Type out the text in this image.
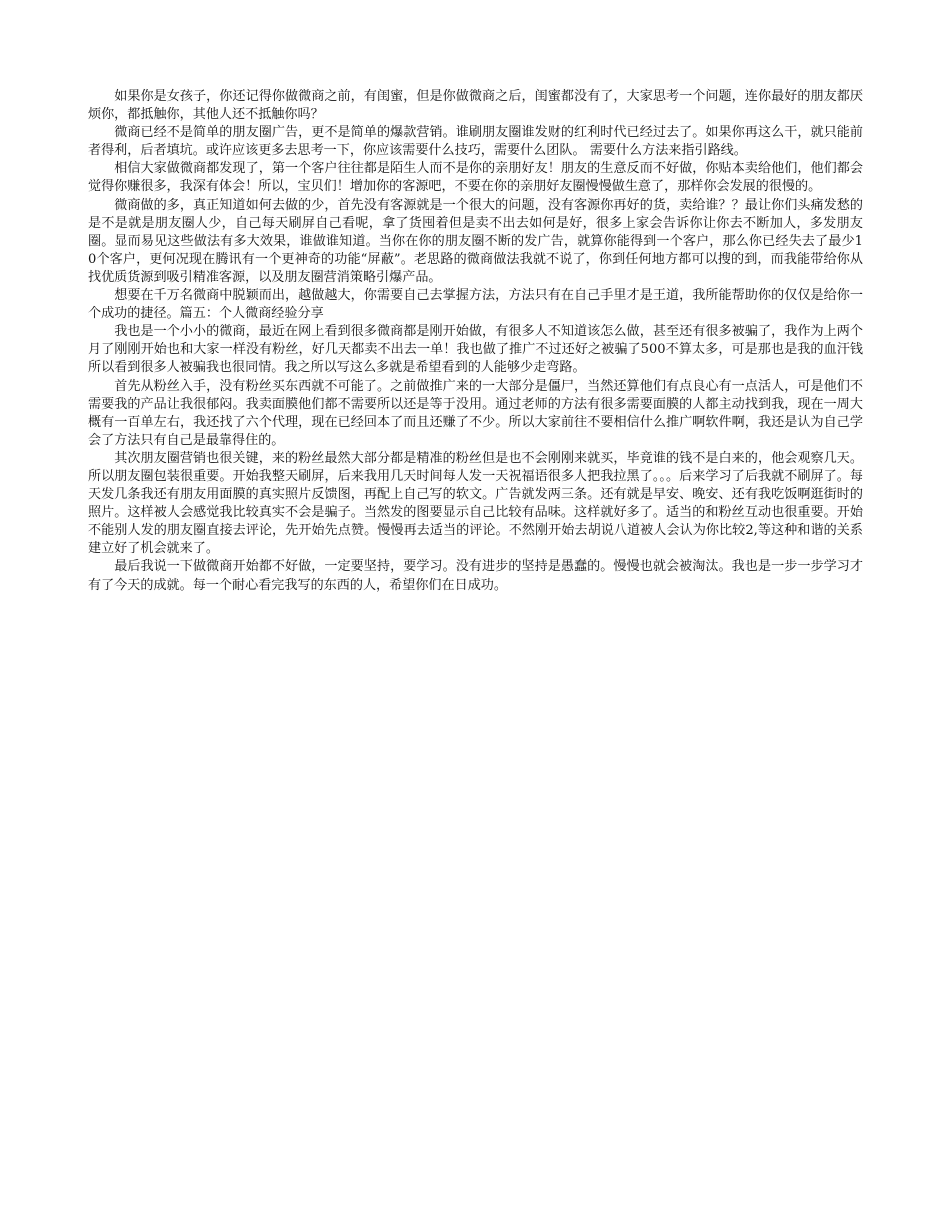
如果你是女孩子，你还记得你做微商之前，有闺蜜，但是你做微商之后，闺蜜都没有了，大家思考一个问题，连你最好的朋友都厌烦你，都抵触你，其他人还不抵触你吗？

微商已经不是简单的朋友圈广告，更不是简单的爆款营销。谁刷朋友圈谁发财的红利时代已经过去了。如果你再这么干，就只能前者得利，后者填坑。或许应该更多去思考一下，你应该需要什么技巧，需要什么团队。 需要什么方法来指引路线。

相信大家做微商都发现了，第一个客户往往都是陌生人而不是你的亲朋好友！朋友的生意反而不好做，你贴本卖给他们，他们都会觉得你赚很多，我深有体会！所以，宝贝们！增加你的客源吧，不要在你的亲朋好友圈慢慢做生意了，那样你会发展的很慢的。

微商做的多，真正知道如何去做的少，首先没有客源就是一个很大的问题，没有客源你再好的货，卖给谁？？最让你们头痛发愁的是不是就是朋友圈人少，自己每天刷屏自己看呢，拿了货囤着但是卖不出去如何是好，很多上家会告诉你让你去不断加人，多发朋友圈。显而易见这些做法有多大效果，谁做谁知道。当你在你的朋友圈不断的发广告，就算你能得到一个客户，那么你已经失去了最少10个客户，更何况现在腾讯有一个更神奇的功能“屏蔽”。老思路的微商做法我就不说了，你到任何地方都可以搜的到，而我能带给你从找优质货源到吸引精准客源，以及朋友圈营消策略引爆产品。

想要在千万名微商中脱颖而出，越做越大，你需要自己去掌握方法，方法只有在自己手里才是王道，我所能帮助你的仅仅是给你一个成功的捷径。篇五：个人微商经验分享

我也是一个小小的微商，最近在网上看到很多微商都是刚开始做，有很多人不知道该怎么做，甚至还有很多被骗了，我作为上两个月了刚刚开始也和大家一样没有粉丝，好几天都卖不出去一单！我也做了推广不过还好之被骗了500不算太多，可是那也是我的血汗钱所以看到很多人被骗我也很同情。我之所以写这么多就是希望看到的人能够少走弯路。

首先从粉丝入手，没有粉丝买东西就不可能了。之前做推广来的一大部分是僵尸，当然还算他们有点良心有一点活人，可是他们不需要我的产品让我很郁闷。我卖面膜他们都不需要所以还是等于没用。通过老师的方法有很多需要面膜的人都主动找到我，现在一周大概有一百单左右，我还找了六个代理，现在已经回本了而且还赚了不少。所以大家前往不要相信什么推广啊软件啊，我还是认为自己学会了方法只有自己是最靠得住的。

其次朋友圈营销也很关键，来的粉丝最然大部分都是精准的粉丝但是也不会刚刚来就买，毕竟谁的钱不是白来的，他会观察几天。所以朋友圈包装很重要。开始我整天刷屏，后来我用几天时间每人发一天祝福语很多人把我拉黑了。。。后来学习了后我就不刷屏了。每天发几条我还有朋友用面膜的真实照片反馈图，再配上自己写的软文。广告就发两三条。还有就是早安、晚安、还有我吃饭啊逛街时的照片。这样被人会感觉我比较真实不会是骗子。当然发的图要显示自己比较有品味。这样就好多了。适当的和粉丝互动也很重要。开始不能别人发的朋友圈直接去评论，先开始先点赞。慢慢再去适当的评论。不然刚开始去胡说八道被人会认为你比较2,等这种和谐的关系建立好了机会就来了。

最后我说一下做微商开始都不好做，一定要坚持，要学习。没有进步的坚持是愚蠢的。慢慢也就会被淘汰。我也是一步一步学习才有了今天的成就。每一个耐心看完我写的东西的人，希望你们在日成功。
